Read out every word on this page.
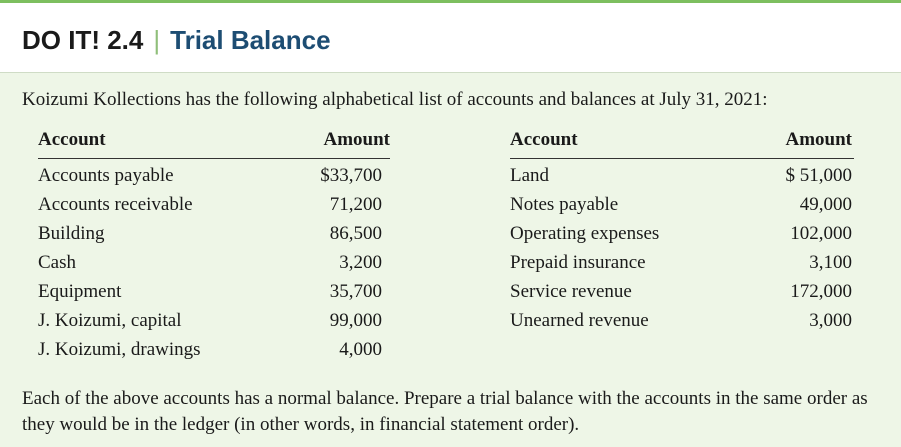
DO IT! 2.4 | Trial Balance
Koizumi Kollections has the following alphabetical list of accounts and balances at July 31, 2021:
Account	Amount	Account	Amount
Accounts payable	$33,700
Accounts receivable	71,200
Building	86,500
Cash	3,200
Equipment	35,700
J. Koizumi, capital	99,000
J. Koizumi, drawings	4,000
Land	$ 51,000
Notes payable	49,000
Operating expenses	102,000
Prepaid insurance	3,100
Service revenue	172,000
Unearned revenue	3,000
Each of the above accounts has a normal balance. Prepare a trial balance with the accounts in the same order as they would be in the ledger (in other words, in financial statement order).
